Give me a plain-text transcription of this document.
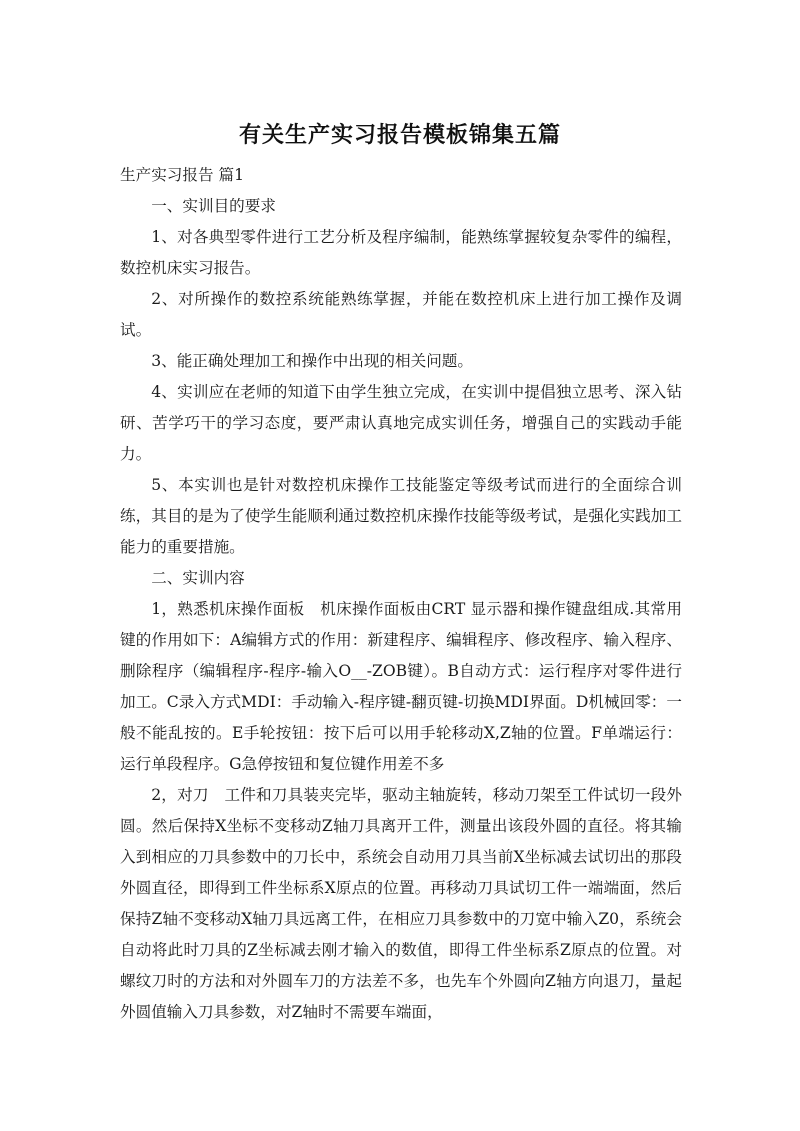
有关生产实习报告模板锦集五篇

生产实习报告 篇1

一、实训目的要求

1、对各典型零件进行工艺分析及程序编制，能熟练掌握较复杂零件的编程，数控机床实习报告。

2、对所操作的数控系统能熟练掌握，并能在数控机床上进行加工操作及调试。

3、能正确处理加工和操作中出现的相关问题。

4、实训应在老师的知道下由学生独立完成，在实训中提倡独立思考、深入钻研、苦学巧干的学习态度，要严肃认真地完成实训任务，增强自己的实践动手能力。

5、本实训也是针对数控机床操作工技能鉴定等级考试而进行的全面综合训练，其目的是为了使学生能顺利通过数控机床操作技能等级考试，是强化实践加工能力的重要措施。

二、实训内容

1，熟悉机床操作面板　机床操作面板由CRT 显示器和操作键盘组成.其常用键的作用如下：A编辑方式的作用：新建程序、编辑程序、修改程序、输入程序、删除程序（编辑程序-程序-输入O__-ZOB键）。B自动方式：运行程序对零件进行加工。C录入方式MDI：手动输入-程序键-翻页键-切换MDI界面。D机械回零：一般不能乱按的。E手轮按钮：按下后可以用手轮移动X,Z轴的位置。F单端运行：运行单段程序。G急停按钮和复位键作用差不多

2，对刀　工件和刀具装夹完毕，驱动主轴旋转，移动刀架至工件试切一段外圆。然后保持X坐标不变移动Z轴刀具离开工件，测量出该段外圆的直径。将其输入到相应的刀具参数中的刀长中，系统会自动用刀具当前X坐标减去试切出的那段外圆直径，即得到工件坐标系X原点的位置。再移动刀具试切工件一端端面，然后保持Z轴不变移动X轴刀具远离工件，在相应刀具参数中的刀宽中输入Z0，系统会自动将此时刀具的Z坐标减去刚才输入的数值，即得工件坐标系Z原点的位置。对螺纹刀时的方法和对外圆车刀的方法差不多，也先车个外圆向Z轴方向退刀，量起外圆值输入刀具参数，对Z轴时不需要车端面，
